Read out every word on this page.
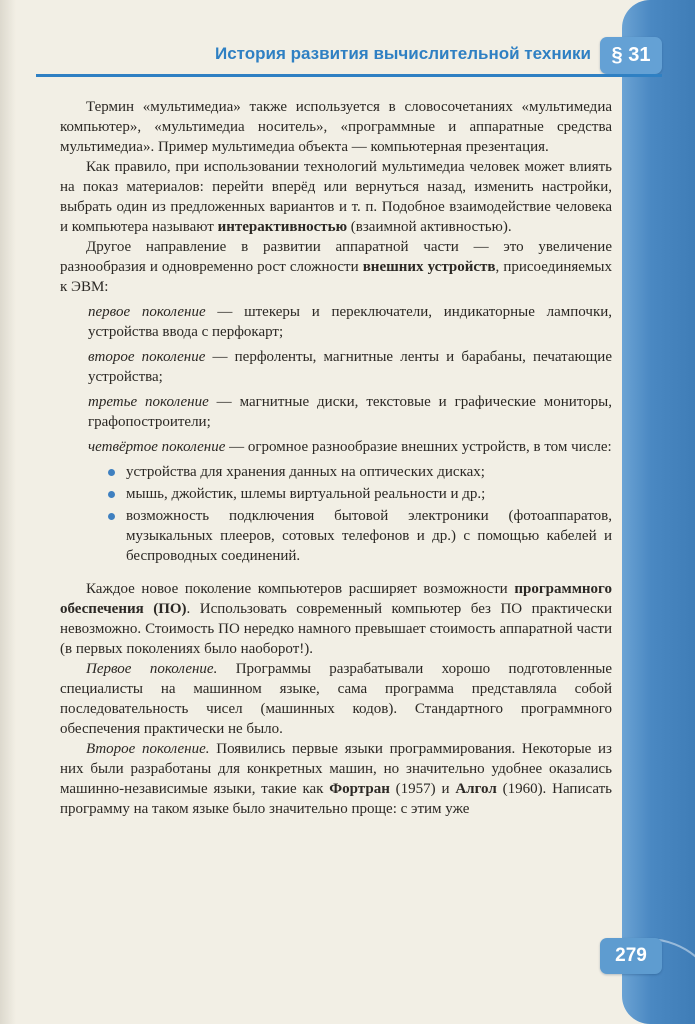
История развития вычислительной техники	§ 31

Термин «мультимедиа» также используется в словосочетаниях «мультимедиа компьютер», «мультимедиа носитель», «программные и аппаратные средства мультимедиа». Пример мультимедиа объекта — компьютерная презентация.

Как правило, при использовании технологий мультимедиа человек может влиять на показ материалов: перейти вперёд или вернуться назад, изменить настройки, выбрать один из предложенных вариантов и т. п. Подобное взаимодействие человека и компьютера называют интерактивностью (взаимной активностью).

Другое направление в развитии аппаратной части — это увеличение разнообразия и одновременно рост сложности внешних устройств, присоединяемых к ЭВМ:

первое поколение — штекеры и переключатели, индикаторные лампочки, устройства ввода с перфокарт;

второе поколение — перфоленты, магнитные ленты и барабаны, печатающие устройства;

третье поколение — магнитные диски, текстовые и графические мониторы, графопостроители;

четвёртое поколение — огромное разнообразие внешних устройств, в том числе:

устройства для хранения данных на оптических дисках;
мышь, джойстик, шлемы виртуальной реальности и др.;
возможность подключения бытовой электроники (фотоаппаратов, музыкальных плееров, сотовых телефонов и др.) с помощью кабелей и беспроводных соединений.

Каждое новое поколение компьютеров расширяет возможности программного обеспечения (ПО). Использовать современный компьютер без ПО практически невозможно. Стоимость ПО нередко намного превышает стоимость аппаратной части (в первых поколениях было наоборот!).

Первое поколение. Программы разрабатывали хорошо подготовленные специалисты на машинном языке, сама программа представляла собой последовательность чисел (машинных кодов). Стандартного программного обеспечения практически не было.

Второе поколение. Появились первые языки программирования. Некоторые из них были разработаны для конкретных машин, но значительно удобнее оказались машинно-независимые языки, такие как Фортран (1957) и Алгол (1960). Написать программу на таком языке было значительно проще: с этим уже

279
